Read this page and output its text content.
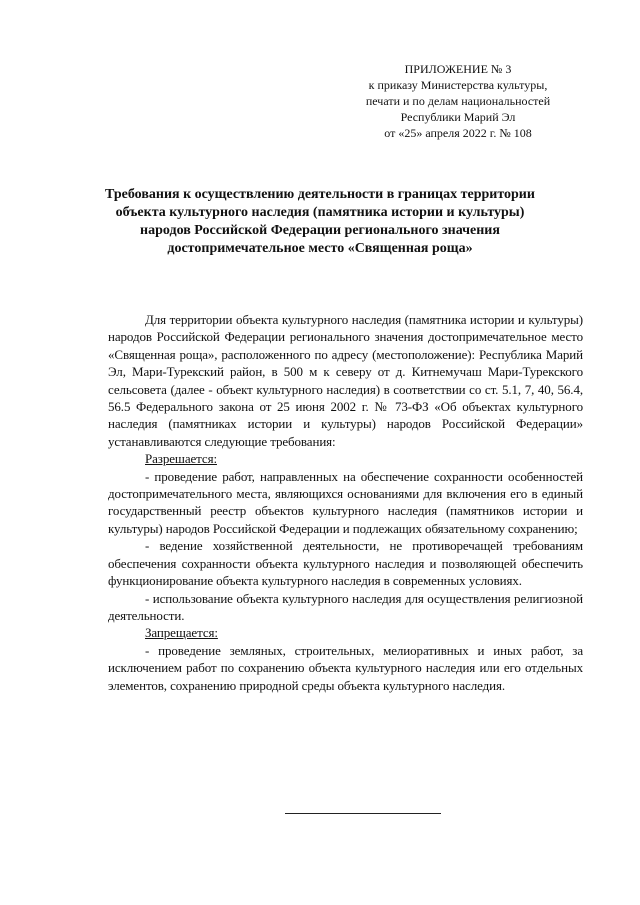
ПРИЛОЖЕНИЕ № 3
к приказу Министерства культуры,
печати и по делам национальностей
Республики Марий Эл
от «25» апреля 2022 г. № 108
Требования к осуществлению деятельности в границах территории
объекта культурного наследия (памятника истории и культуры)
народов Российской Федерации регионального значения
достопримечательное место «Священная роща»

Для территории объекта культурного наследия (памятника истории и культуры) народов Российской Федерации регионального значения достопримечательное место «Священная роща», расположенного по адресу (местоположение): Республика Марий Эл, Мари-Турекский район, в 500 м к северу от д. Китнемучаш Мари-Турекского сельсовета (далее - объект культурного наследия) в соответствии со ст. 5.1, 7, 40, 56.4, 56.5 Федерального закона от 25 июня 2002 г. № 73-ФЗ «Об объектах культурного наследия (памятниках истории и культуры) народов Российской Федерации» устанавливаются следующие требования:

Разрешается:

- проведение работ, направленных на обеспечение сохранности особенностей достопримечательного места, являющихся основаниями для включения его в единый государственный реестр объектов культурного наследия (памятников истории и культуры) народов Российской Федерации и подлежащих обязательному сохранению;

- ведение хозяйственной деятельности, не противоречащей требованиям обеспечения сохранности объекта культурного наследия и позволяющей обеспечить функционирование объекта культурного наследия в современных условиях.

- использование объекта культурного наследия для осуществления религиозной деятельности.

Запрещается:

- проведение земляных, строительных, мелиоративных и иных работ, за исключением работ по сохранению объекта культурного наследия или его отдельных элементов, сохранению природной среды объекта культурного наследия.
